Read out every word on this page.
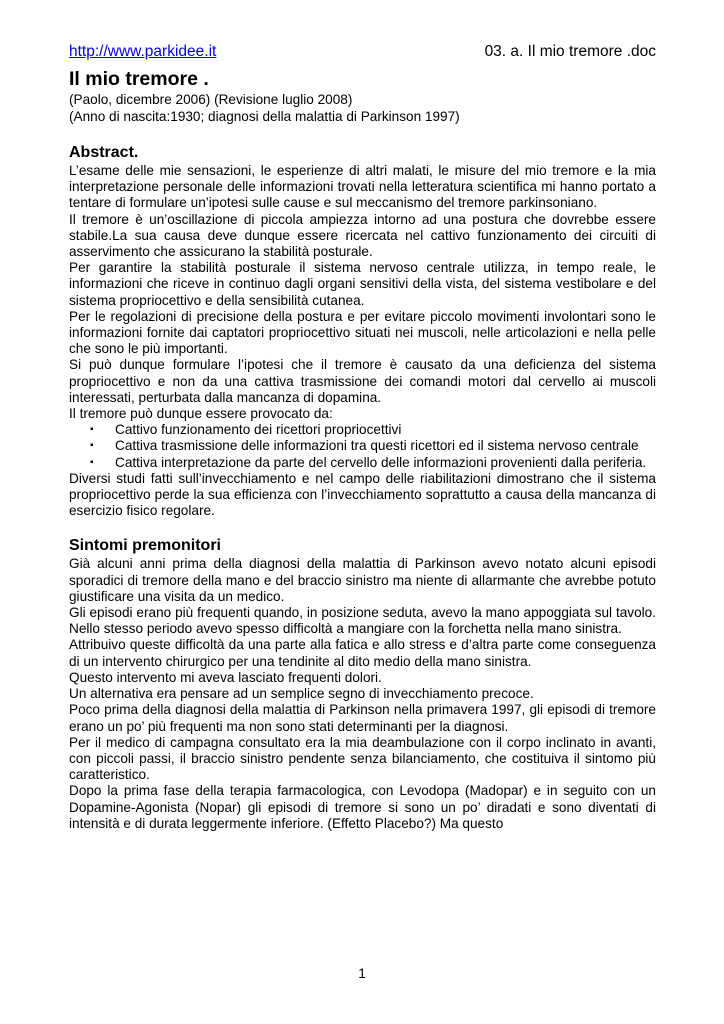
http://www.parkidee.it	03. a. Il mio tremore .doc
Il mio tremore .
(Paolo, dicembre 2006) (Revisione luglio 2008)
(Anno di nascita:1930; diagnosi della malattia di Parkinson 1997)
Abstract.

L’esame delle mie sensazioni, le esperienze di altri malati, le misure del mio tremore e la mia interpretazione personale delle informazioni trovati nella letteratura scientifica mi hanno portato a tentare di formulare un’ipotesi sulle cause e sul meccanismo del tremore parkinsoniano.

Il tremore è un’oscillazione di piccola ampiezza intorno ad una postura che dovrebbe essere stabile.La sua causa deve dunque essere ricercata nel cattivo funzionamento dei circuiti di asservimento che assicurano la stabilità posturale.

Per garantire la stabilità posturale il sistema nervoso centrale utilizza, in tempo reale, le informazioni che riceve in continuo dagli organi sensitivi della vista, del sistema vestibolare e del sistema propriocettivo e della sensibilità cutanea.

Per le regolazioni di precisione della postura e per evitare piccolo movimenti involontari sono le informazioni fornite dai captatori propriocettivo situati nei muscoli, nelle articolazioni e nella pelle che sono le più importanti.

Si può dunque formulare l’ipotesi che il tremore è causato da una deficienza del sistema propriocettivo e non da una cattiva trasmissione dei comandi motori dal cervello ai muscoli interessati, perturbata dalla mancanza di dopamina.

Il tremore può dunque essere provocato da:

▪ Cattivo funzionamento dei ricettori propriocettivi
▪ Cattiva trasmissione delle informazioni tra questi ricettori ed il sistema nervoso centrale
▪ Cattiva interpretazione da parte del cervello delle informazioni provenienti dalla periferia.

Diversi studi fatti sull’invecchiamento e nel campo delle riabilitazioni dimostrano che il sistema propriocettivo perde la sua efficienza con l’invecchiamento soprattutto a causa della mancanza di esercizio fisico regolare.

Sintomi premonitori

Già alcuni anni prima della diagnosi della malattia di Parkinson avevo notato alcuni episodi sporadici di tremore della mano e del braccio sinistro ma niente di allarmante che avrebbe potuto giustificare una visita da un medico.

Gli episodi erano più frequenti quando, in posizione seduta, avevo la mano appoggiata sul tavolo. Nello stesso periodo avevo spesso difficoltà a mangiare con la forchetta nella mano sinistra.

Attribuivo queste difficoltà da una parte alla fatica e allo stress e d’altra parte come conseguenza di un intervento chirurgico per una tendinite al dito medio della mano sinistra.

Questo intervento mi aveva lasciato frequenti dolori.

Un alternativa era pensare ad un semplice segno di invecchiamento precoce.

Poco prima della diagnosi della malattia di Parkinson nella primavera 1997, gli episodi di tremore erano un po’ più frequenti ma non sono stati determinanti per la diagnosi.

Per il medico di campagna consultato era la mia deambulazione con il corpo inclinato in avanti, con piccoli passi, il braccio sinistro pendente senza bilanciamento, che costituiva il sintomo più caratteristico.

Dopo la prima fase della terapia farmacologica, con Levodopa (Madopar) e in seguito con un Dopamine-Agonista (Nopar) gli episodi di tremore si sono un po’ diradati e sono diventati di intensità e di durata leggermente inferiore. (Effetto Placebo?) Ma questo

1
